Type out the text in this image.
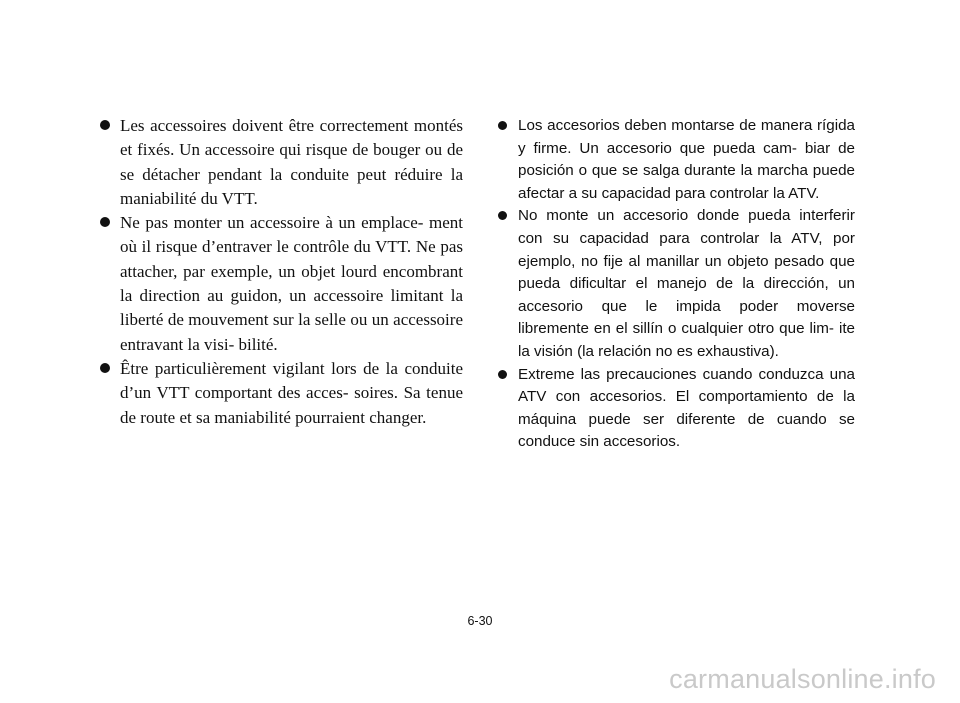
Les accessoires doivent être correctement montés et fixés. Un accessoire qui risque de bouger ou de se détacher pendant la conduite peut réduire la maniabilité du VTT.
Ne pas monter un accessoire à un emplace- ment où il risque d’entraver le contrôle du VTT. Ne pas attacher, par exemple, un objet lourd encombrant la direction au guidon, un accessoire limitant la liberté de mouvement sur la selle ou un accessoire entravant la visi- bilité.
Être particulièrement vigilant lors de la conduite d’un VTT comportant des acces- soires. Sa tenue de route et sa maniabilité pourraient changer.
Los accesorios deben montarse de manera rígida y firme. Un accesorio que pueda cam- biar de posición o que se salga durante la marcha puede afectar a su capacidad para controlar la ATV.
No monte un accesorio donde pueda interferir con su capacidad para controlar la ATV, por ejemplo, no fije al manillar un objeto pesado que pueda dificultar el manejo de la dirección, un accesorio que le impida poder moverse libremente en el sillín o cualquier otro que lim- ite la visión (la relación no es exhaustiva).
Extreme las precauciones cuando conduzca una ATV con accesorios. El comportamiento de la máquina puede ser diferente de cuando se conduce sin accesorios.
6-30
carmanualsonline.info
